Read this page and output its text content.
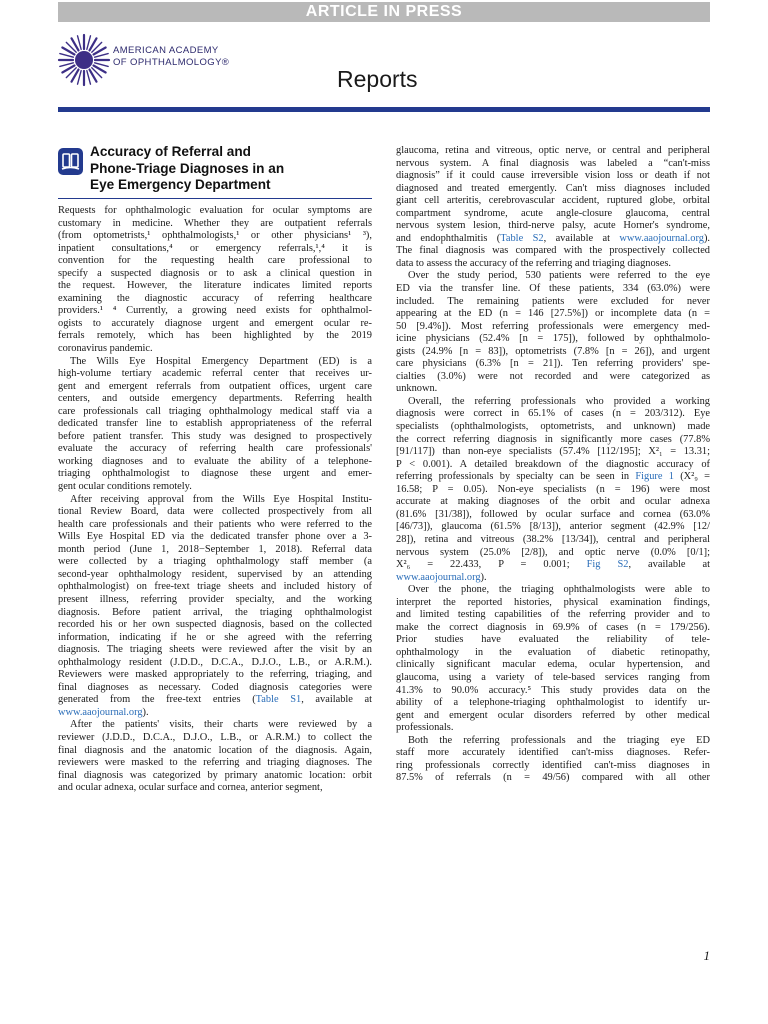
ARTICLE IN PRESS
AMERICAN ACADEMY
OF OPHTHALMOLOGY®
Reports
Accuracy of Referral and
Phone-Triage Diagnoses in an
Eye Emergency Department
Requests for ophthalmologic evaluation for ocular symptoms are
customary in medicine. Whether they are outpatient referrals
(from optometrists,¹ ophthalmologists,¹ or other physicians¹ ³),
inpatient consultations,⁴ or emergency referrals,¹,⁴ it is
convention for the requesting health care professional to
specify a suspected diagnosis or to ask a clinical question in
the request. However, the literature indicates limited reports
examining the diagnostic accuracy of referring healthcare
providers.¹ ⁴ Currently, a growing need exists for ophthalmol-
ogists to accurately diagnose urgent and emergent ocular re-
ferrals remotely, which has been highlighted by the 2019
coronavirus pandemic.
The Wills Eye Hospital Emergency Department (ED) is a
high-volume tertiary academic referral center that receives ur-
gent and emergent referrals from outpatient offices, urgent care
centers, and outside emergency departments. Referring health
care professionals call triaging ophthalmology medical staff via a
dedicated transfer line to establish appropriateness of the referral
before patient transfer. This study was designed to prospectively
evaluate the accuracy of referring health care professionals'
working diagnoses and to evaluate the ability of a telephone-
triaging ophthalmologist to diagnose these urgent and emer-
gent ocular conditions remotely.
After receiving approval from the Wills Eye Hospital Institu-
tional Review Board, data were collected prospectively from all
health care professionals and their patients who were referred to the
Wills Eye Hospital ED via the dedicated transfer phone over a 3-
month period (June 1, 2018−September 1, 2018). Referral data
were collected by a triaging ophthalmology staff member (a
second-year ophthalmology resident, supervised by an attending
ophthalmologist) on free-text triage sheets and included history of
present illness, referring provider specialty, and the working
diagnosis. Before patient arrival, the triaging ophthalmologist
recorded his or her own suspected diagnosis, based on the collected
information, indicating if he or she agreed with the referring
diagnosis. The triaging sheets were reviewed after the visit by an
ophthalmology resident (J.D.D., D.C.A., D.J.O., L.B., or A.R.M.).
Reviewers were masked appropriately to the referring, triaging, and
final diagnoses as necessary. Coded diagnosis categories were
generated from the free-text entries (Table S1, available at
www.aaojournal.org).
After the patients' visits, their charts were reviewed by a
reviewer (J.D.D., D.C.A., D.J.O., L.B., or A.R.M.) to collect the
final diagnosis and the anatomic location of the diagnosis. Again,
reviewers were masked to the referring and triaging diagnoses. The
final diagnosis was categorized by primary anatomic location: orbit
and ocular adnexa, ocular surface and cornea, anterior segment,
glaucoma, retina and vitreous, optic nerve, or central and peripheral
nervous system. A final diagnosis was labeled a “can't-miss
diagnosis” if it could cause irreversible vision loss or death if not
diagnosed and treated emergently. Can't miss diagnoses included
giant cell arteritis, cerebrovascular accident, ruptured globe, orbital
compartment syndrome, acute angle-closure glaucoma, central
nervous system lesion, third-nerve palsy, acute Horner's syndrome,
and endophthalmitis (Table S2, available at www.aaojournal.org).
The final diagnosis was compared with the prospectively collected
data to assess the accuracy of the referring and triaging diagnoses.
Over the study period, 530 patients were referred to the eye
ED via the transfer line. Of these patients, 334 (63.0%) were
included. The remaining patients were excluded for never
appearing at the ED (n = 146 [27.5%]) or incomplete data (n =
50 [9.4%]). Most referring professionals were emergency med-
icine physicians (52.4% [n = 175]), followed by ophthalmolo-
gists (24.9% [n = 83]), optometrists (7.8% [n = 26]), and urgent
care physicians (6.3% [n = 21]). Ten referring providers' spe-
cialties (3.0%) were not recorded and were categorized as
unknown.
Overall, the referring professionals who provided a working
diagnosis were correct in 65.1% of cases (n = 203/312). Eye
specialists (ophthalmologists, optometrists, and unknown) made
the correct referring diagnosis in significantly more cases (77.8%
[91/117]) than non-eye specialists (57.4% [112/195]; X²₁ = 13.31;
P < 0.001). A detailed breakdown of the diagnostic accuracy of
referring professionals by specialty can be seen in Figure 1 (X²₉ =
16.58; P = 0.05). Non-eye specialists (n = 196) were most
accurate at making diagnoses of the orbit and ocular adnexa
(81.6% [31/38]), followed by ocular surface and cornea (63.0%
[46/73]), glaucoma (61.5% [8/13]), anterior segment (42.9% [12/
28]), retina and vitreous (38.2% [13/34]), central and peripheral
nervous system (25.0% [2/8]), and optic nerve (0.0% [0/1];
X²₆ = 22.433, P = 0.001; Fig S2, available at
www.aaojournal.org).
Over the phone, the triaging ophthalmologists were able to
interpret the reported histories, physical examination findings,
and limited testing capabilities of the referring provider and to
make the correct diagnosis in 69.9% of cases (n = 179/256).
Prior studies have evaluated the reliability of tele-
ophthalmology in the evaluation of diabetic retinopathy,
clinically significant macular edema, ocular hypertension, and
glaucoma, using a variety of tele-based services ranging from
41.3% to 90.0% accuracy.⁵ This study provides data on the
ability of a telephone-triaging ophthalmologist to identify ur-
gent and emergent ocular disorders referred by other medical
professionals.
Both the referring professionals and the triaging eye ED
staff more accurately identified can't-miss diagnoses. Refer-
ring professionals correctly identified can't-miss diagnoses in
87.5% of referrals (n = 49/56) compared with all other
1
